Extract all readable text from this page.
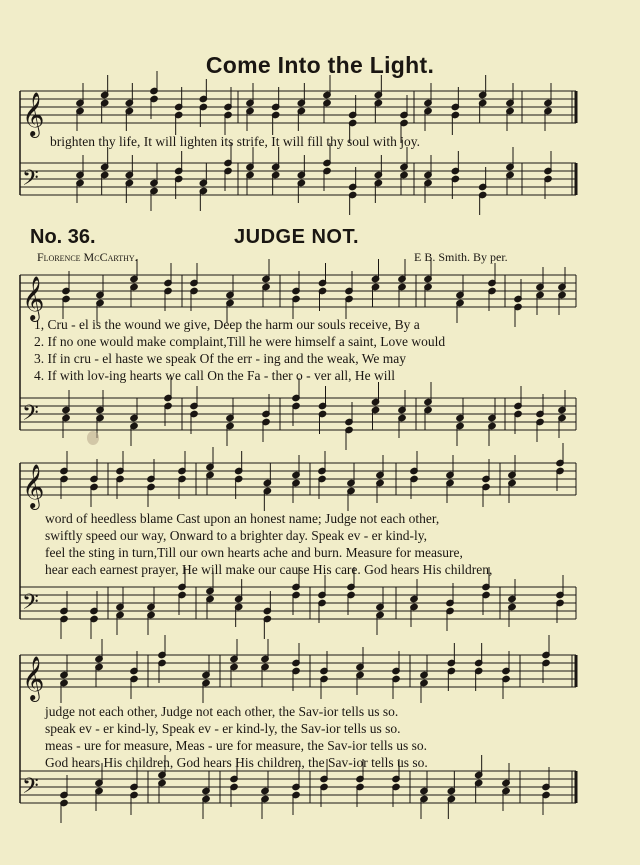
𝄞
𝄢
𝄞
𝄢
𝄞
𝄢
𝄞
𝄢
Come Into the Light.
brighten thy life, It will lighten its strife, It will fill thy soul with joy.
No. 36.	JUDGE NOT.
Florence McCarthy.	E B. Smith. By per.
1, Cru - el is the wound we give, Deep the harm our souls receive, By a
2. If no one would make complaint,Till he were himself a saint, Love would
3. If in cru - el haste we speak Of the err - ing and the weak, We may
4. If with lov-ing hearts we call On the Fa - ther o - ver all, He will
word of heedless blame Cast upon an honest name; Judge not each other,
swiftly speed our way, Onward to a brighter day. Speak ev - er kind-ly,
feel the sting in turn,Till our own hearts ache and burn. Measure for measure,
hear each earnest prayer, He will make our cause His care. God hears His children,
judge not each other, Judge not each other, the Sav-ior tells us so.
speak ev - er kind-ly, Speak ev - er kind-ly, the Sav-ior tells us so.
meas - ure for measure, Meas - ure for measure, the Sav-ior tells us so.
God hears His children, God hears His children, the Sav-ior tells us so.
